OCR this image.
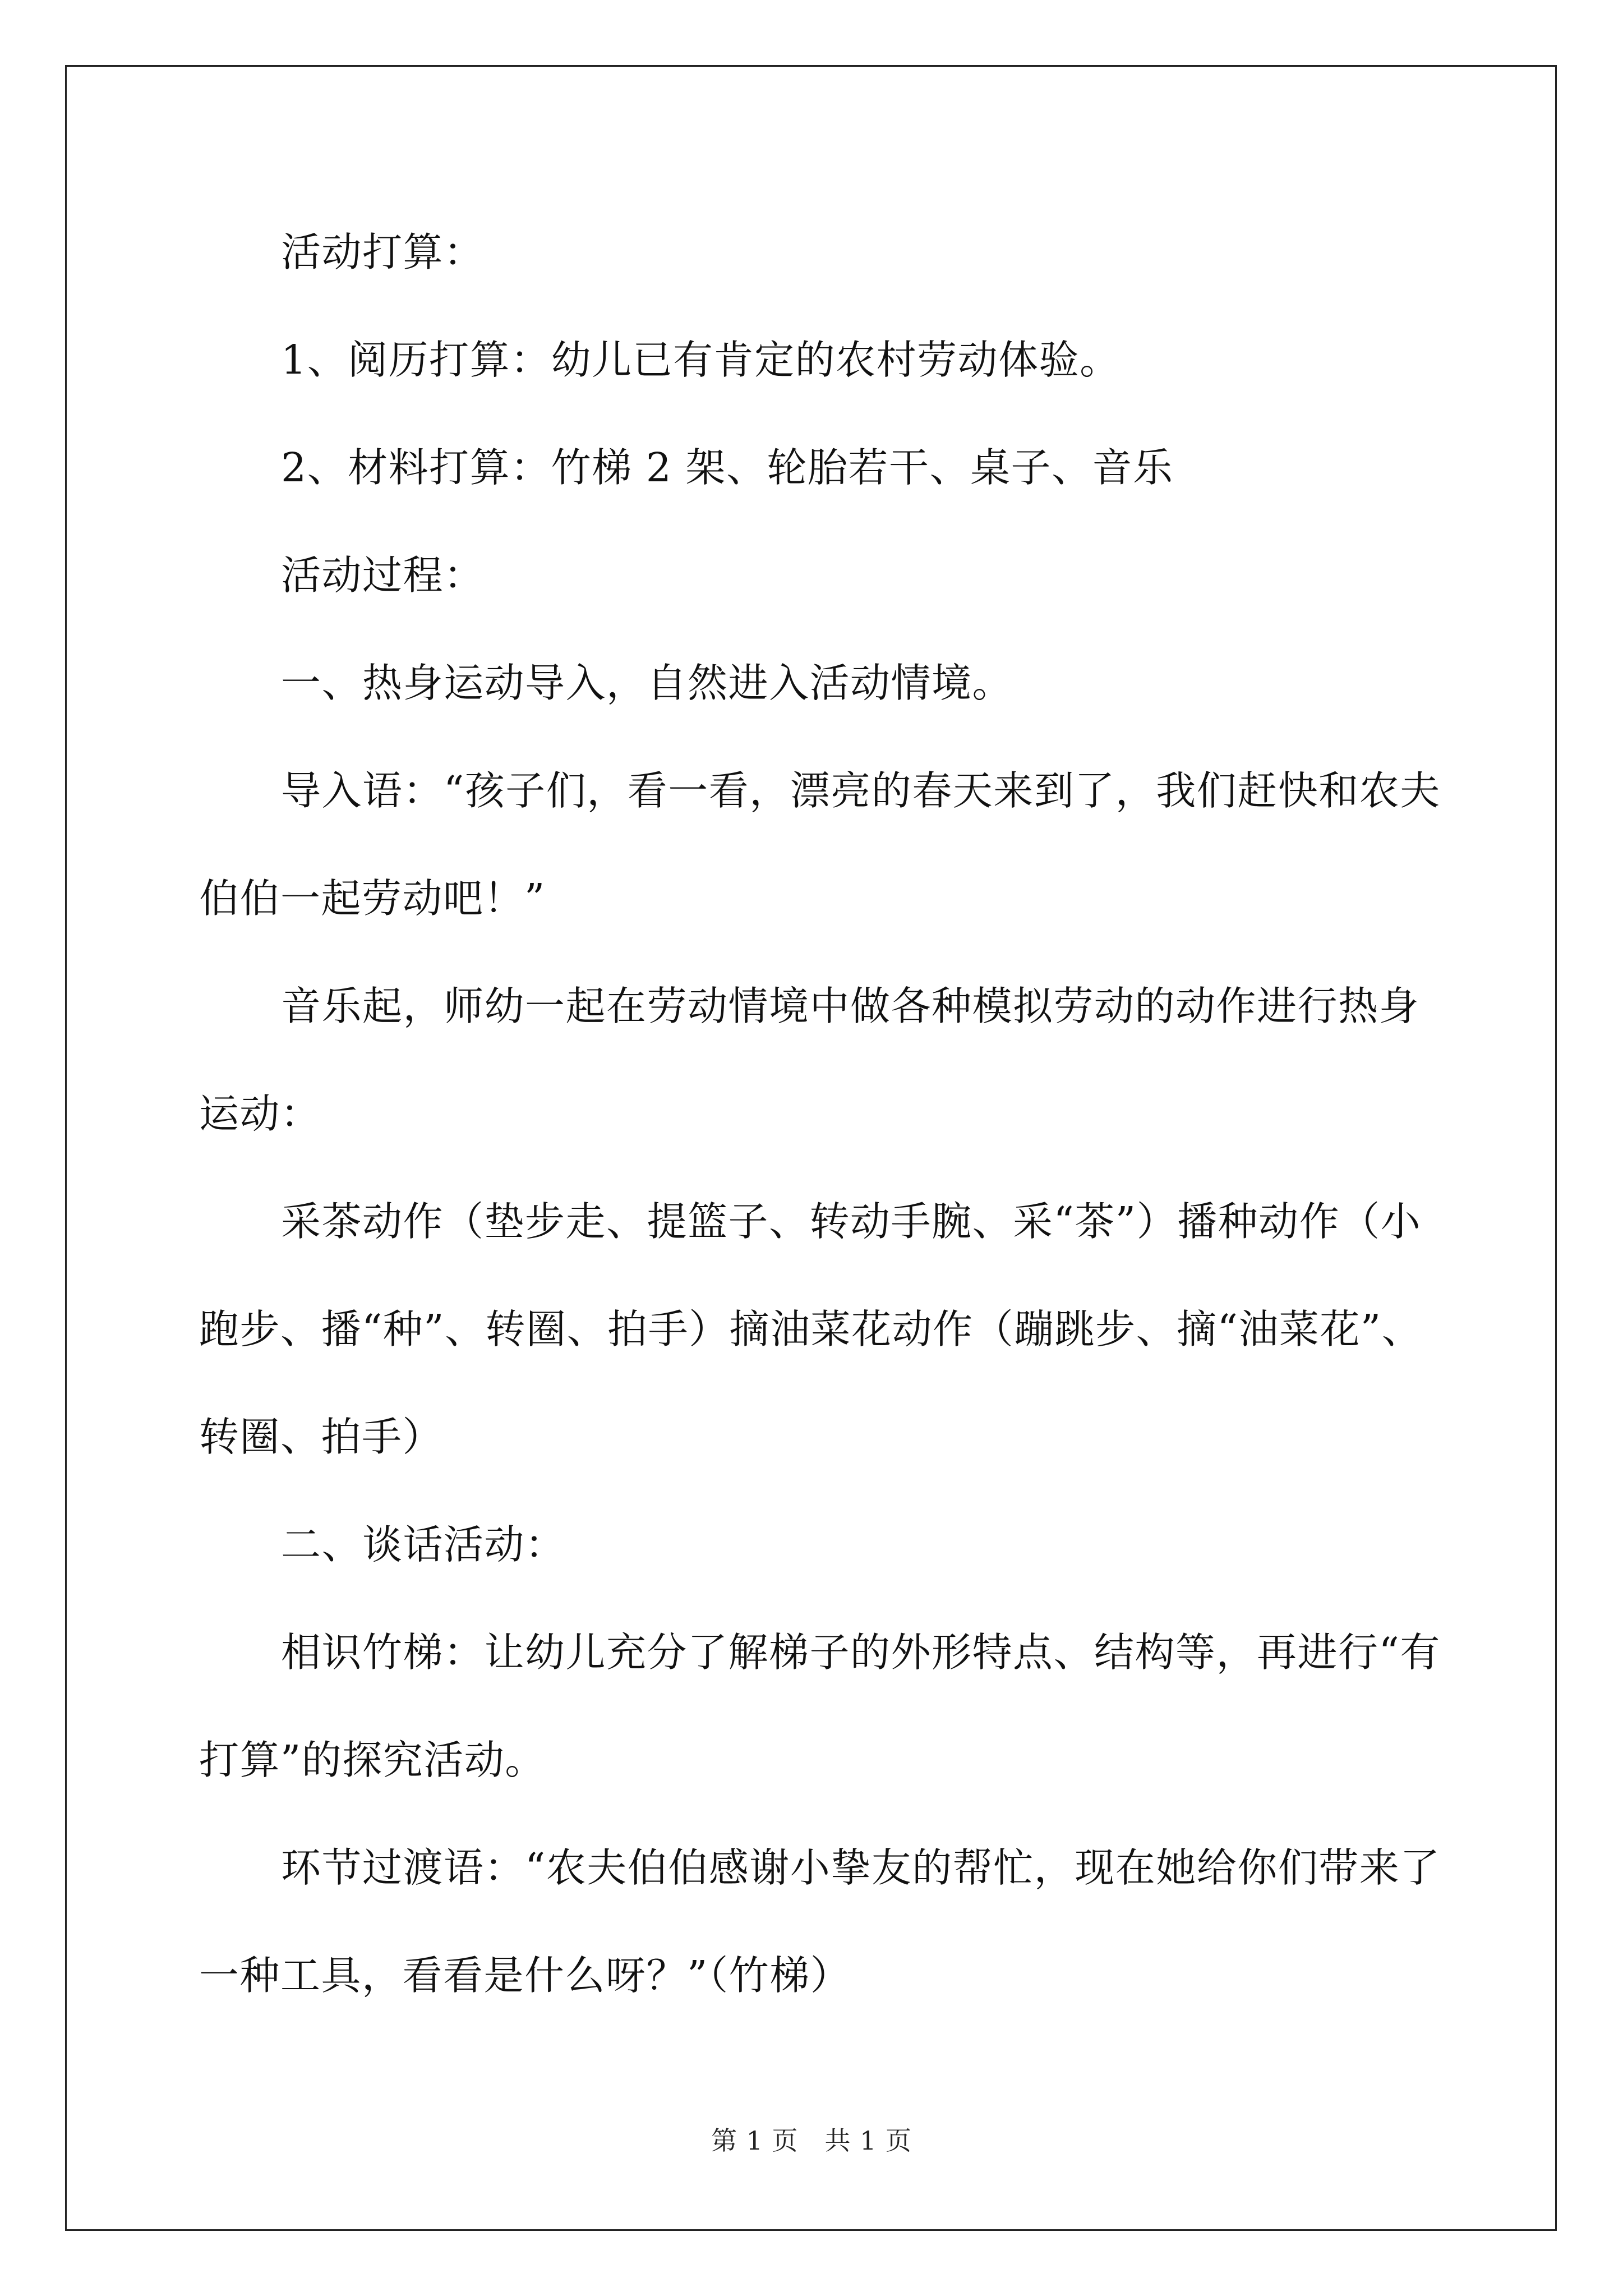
活动打算：

1、阅历打算：幼儿已有肯定的农村劳动体验。

2、材料打算：竹梯 2 架、轮胎若干、桌子、音乐

活动过程：

一、热身运动导入，自然进入活动情境。

导入语：“孩子们，看一看，漂亮的春天来到了，我们赶快和农夫伯伯一起劳动吧！”

音乐起，师幼一起在劳动情境中做各种模拟劳动的动作进行热身运动：

采茶动作（垫步走、提篮子、转动手腕、采“茶”）播种动作（小跑步、播“种”、转圈、拍手）摘油菜花动作（蹦跳步、摘“油菜花”、转圈、拍手）

二、谈话活动：

相识竹梯：让幼儿充分了解梯子的外形特点、结构等，再进行“有打算”的探究活动。

环节过渡语：“农夫伯伯感谢小挚友的帮忙，现在她给你们带来了一种工具，看看是什么呀？”（竹梯）

第 1 页　共 1 页
